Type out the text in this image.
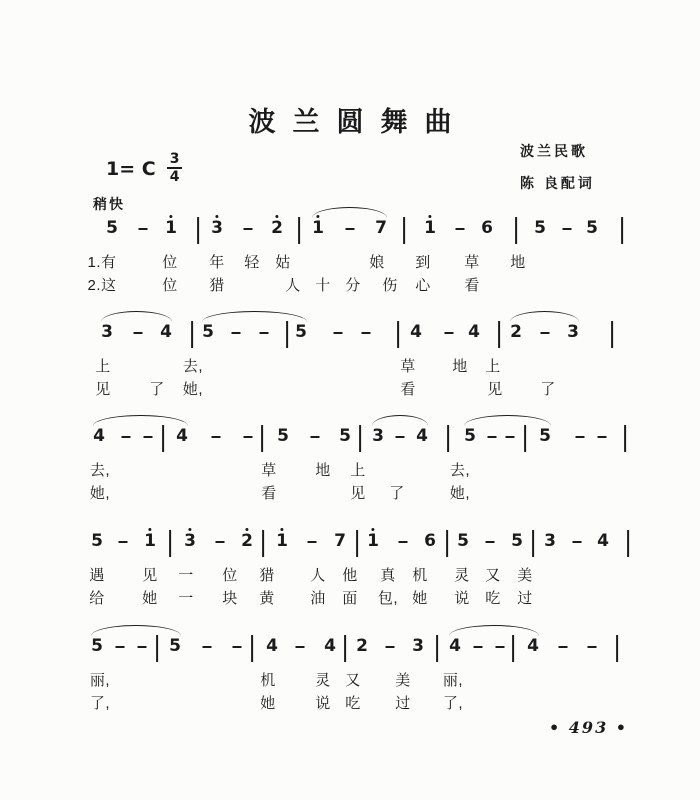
波兰圆舞曲
1= C $\frac{3}{4}$
波兰民歌
陈 良配词
稍快
5	1 3	2 1	7 1	6 5 5
1.有	位 年 轻 姑	娘 到 草 地
2.这	位 猎	人 十 分 伤 心 看
3	4 5	5	4	4 2	3
上	去,	草 地 上
见	了 她,	看	见 了
4	4	5	5 3 4 5	5
去,	草	地 上	去,
她,	看	见 了	她,
5 1 3	2 1	7 1	6 5 5 3 4
遇 见 一 位 猎 人 他 真 机 灵 又 美
给 她 一 块 黄 油 面 包, 她 说 吃 过
5	5	4	4 2	3 4	4
丽,	机	灵 又 美 丽,
了,	她	说 吃 过 了,
• 493 •
